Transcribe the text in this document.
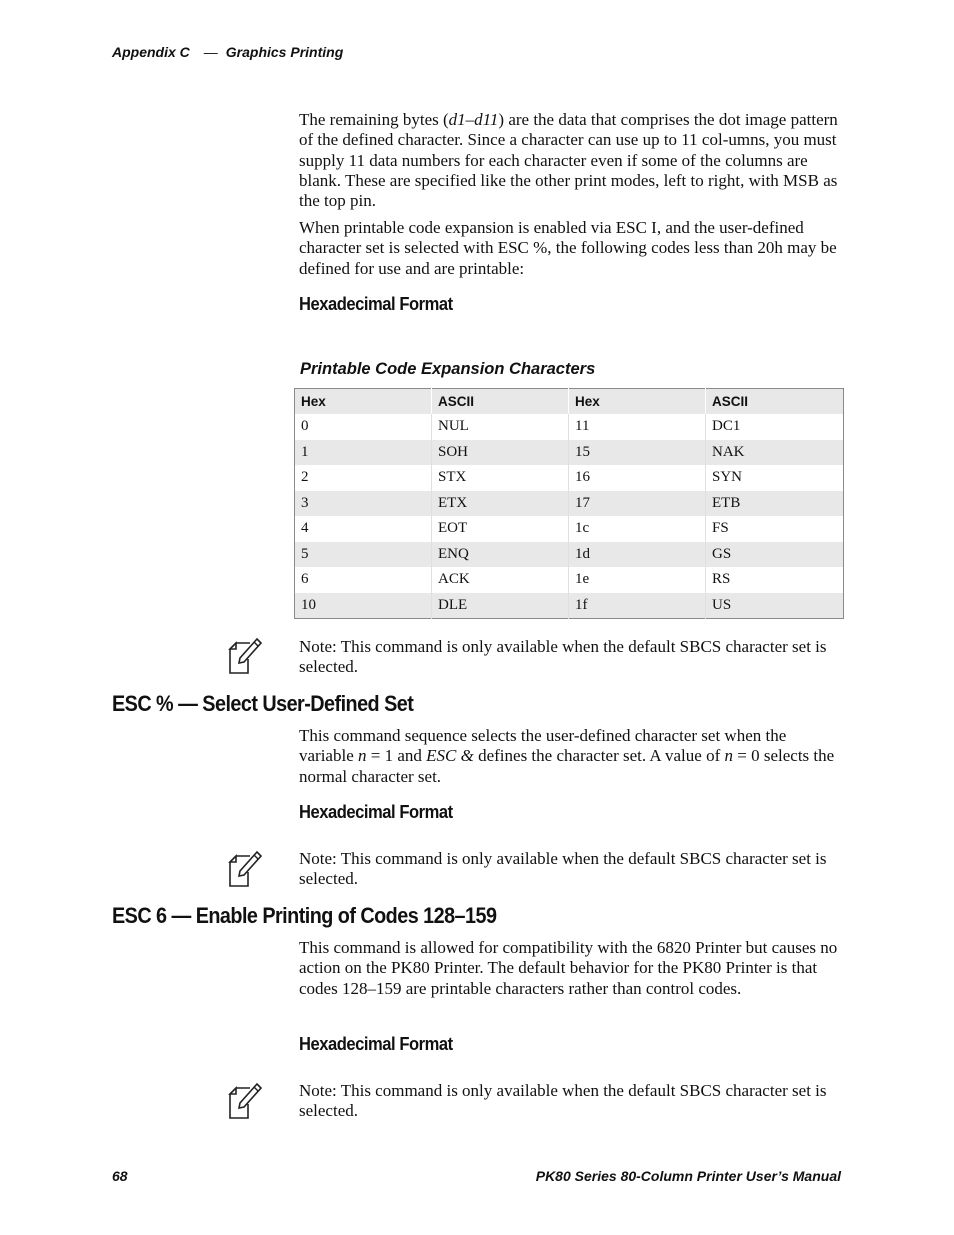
Appendix C — Graphics Printing

The remaining bytes (d1–d11) are the data that comprises the dot image pattern of the defined character. Since a character can use up to 11 col-umns, you must supply 11 data numbers for each character even if some of the columns are blank. These are specified like the other print modes, left to right, with MSB as the top pin.

When printable code expansion is enabled via ESC I, and the user-defined character set is selected with ESC %, the following codes less than 20h may be defined for use and are printable:

Hexadecimal Format
Printable Code Expansion Characters
Hex	ASCII	Hex	ASCII
0	NUL	11	DC1
1	SOH	15	NAK
2	STX	16	SYN
3	ETX	17	ETB
4	EOT	1c	FS
5	ENQ	1d	GS
6	ACK	1e	RS
10	DLE	1f	US
Note: This command is only available when the default SBCS character set is selected.
ESC % — Select User-Defined Set

This command sequence selects the user-defined character set when the variable n = 1 and ESC & defines the character set. A value of n = 0 selects the normal character set.

Hexadecimal Format
Note: This command is only available when the default SBCS character set is selected.
ESC 6 — Enable Printing of Codes 128–159

This command is allowed for compatibility with the 6820 Printer but causes no action on the PK80 Printer. The default behavior for the PK80 Printer is that codes 128–159 are printable characters rather than control codes.

Hexadecimal Format
Note: This command is only available when the default SBCS character set is selected.
68	PK80 Series 80-Column Printer User’s Manual
